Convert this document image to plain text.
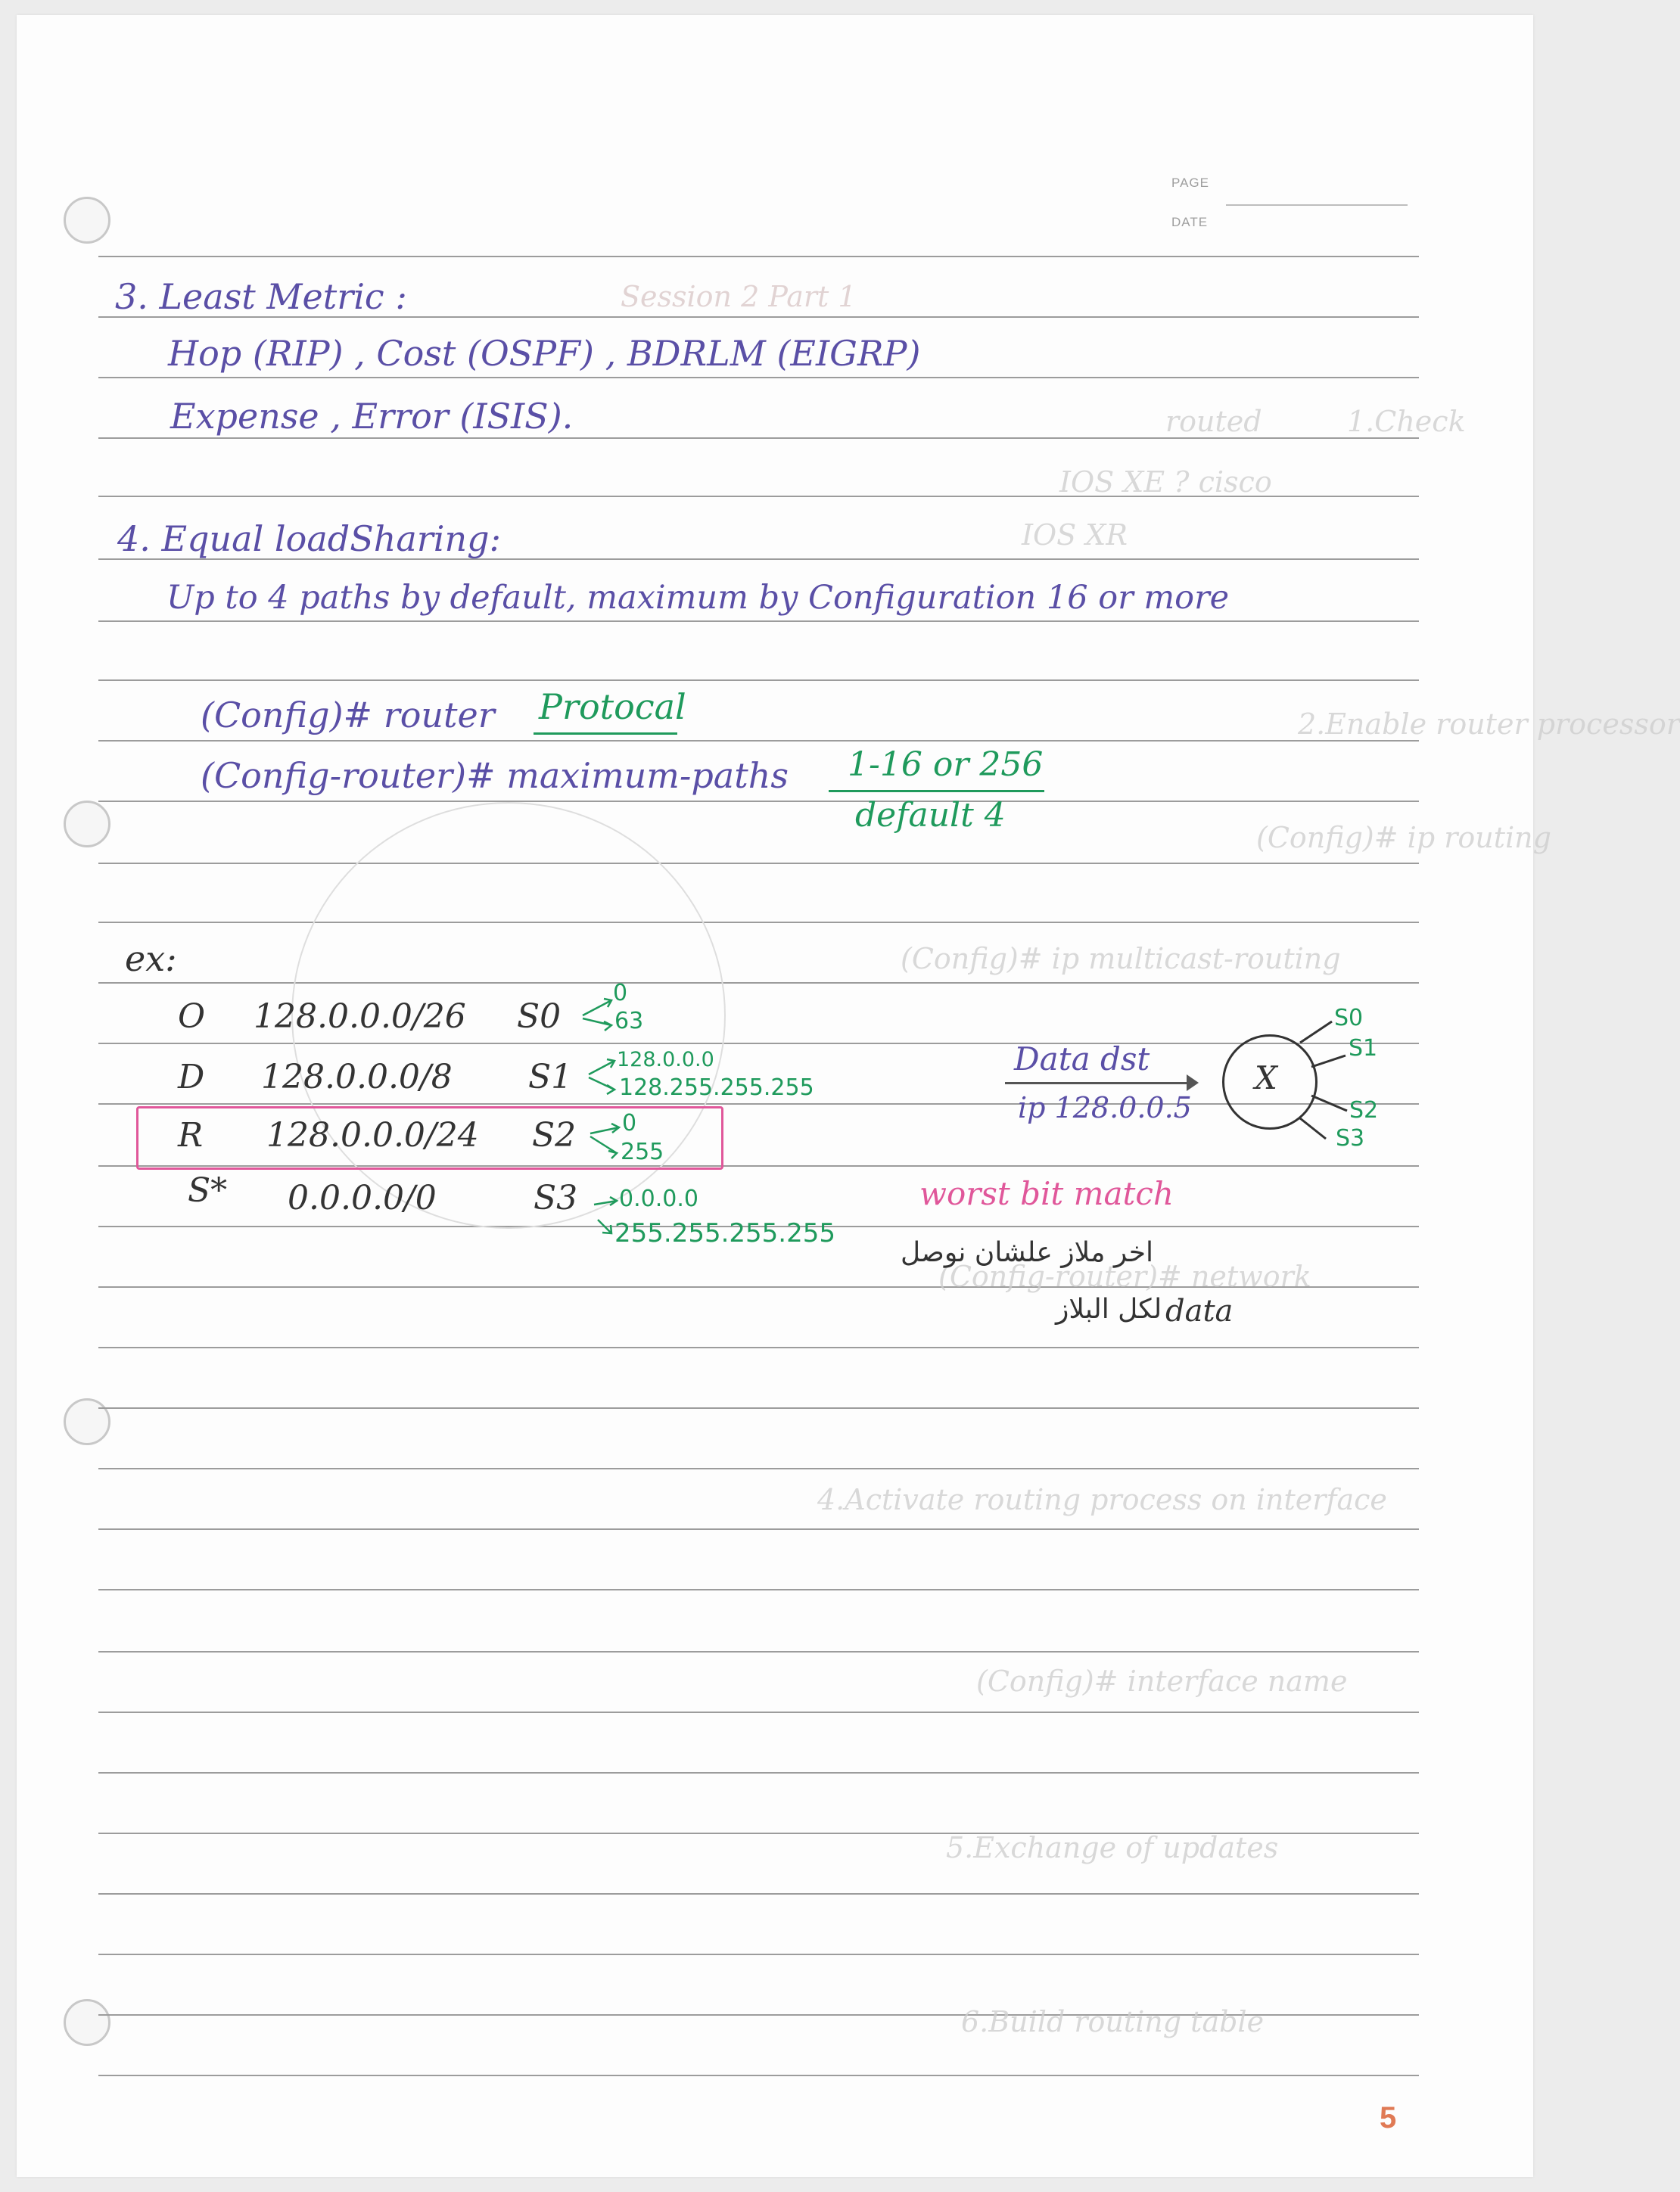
PAGE
DATE
Session 2 Part 1
routed	1.Check
IOS XE ? cisco
IOS XR
2.Enable router processor
(Config)# ip routing
(Config)# ip multicast-routing
(Config-router)# network
4.Activate routing process on interface
(Config)# interface name
5.Exchange of updates
6.Build routing table
3. Least Metric :
Hop (RIP) , Cost (OSPF) , BDRLM (EIGRP)
Expense , Error (ISIS).
4. Equal loadSharing:
Up to 4 paths by default, maximum by Configuration 16 or more
(Config)# router Protocal
(Config-router)# maximum-paths 1-16 or 256
default 4
ex:
O 128.0.0.0/26 S0
0
63
D 128.0.0.0/8 S1 128.0.0.0
128.255.255.255
R 128.0.0.0/24 S2 0
255
S* 0.0.0.0/0	S3 0.0.0.0
255.255.255.255
Data dst
ip 128.0.0.5
X
S0
S1
S2
S3
worst bit match
اخر ملاز علشان نوصل
لكل البلاز data
5
